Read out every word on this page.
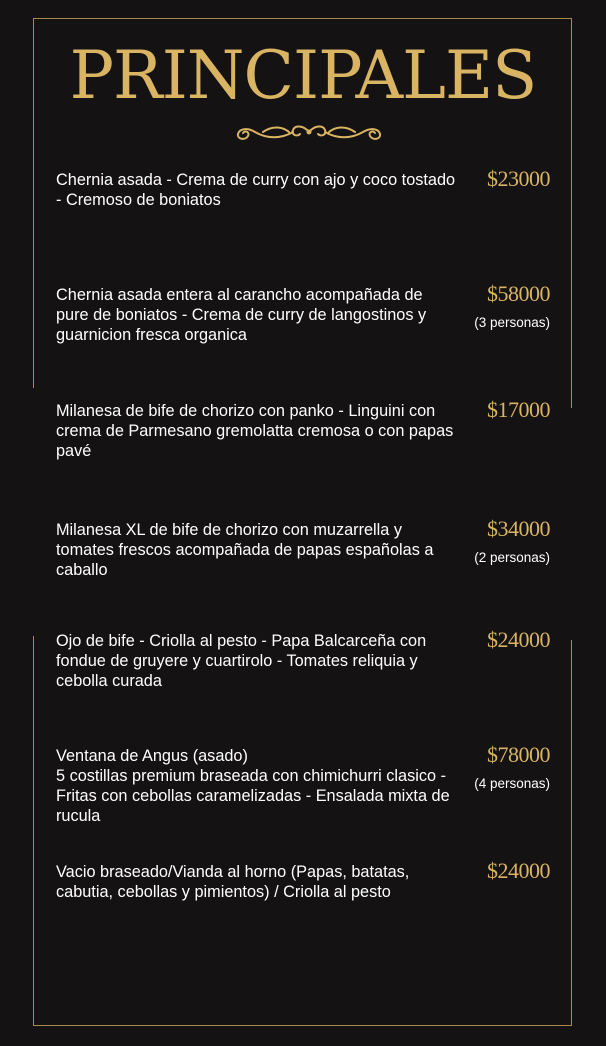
PRINCIPALES

Chernia asada - Crema de curry con ajo y coco tostado - Cremoso de boniatos

$23000

Chernia asada entera al carancho acompañada de pure de boniatos - Crema de curry de langostinos y guarnicion fresca organica

$58000
(3 personas)

Milanesa de bife de chorizo con panko - Linguini con crema de Parmesano gremolatta cremosa o con papas pavé

$17000

Milanesa XL de bife de chorizo con muzarrella y tomates frescos acompañada de papas españolas a caballo

$34000
(2 personas)

Ojo de bife - Criolla al pesto - Papa Balcarceña con fondue de gruyere y cuartirolo - Tomates reliquia y cebolla curada

$24000

Ventana de Angus (asado)
5 costillas premium braseada con chimichurri clasico - Fritas con cebollas caramelizadas - Ensalada mixta de rucula

$78000
(4 personas)

Vacio braseado/Vianda al horno (Papas, batatas, cabutia, cebollas y pimientos) / Criolla al pesto

$24000
